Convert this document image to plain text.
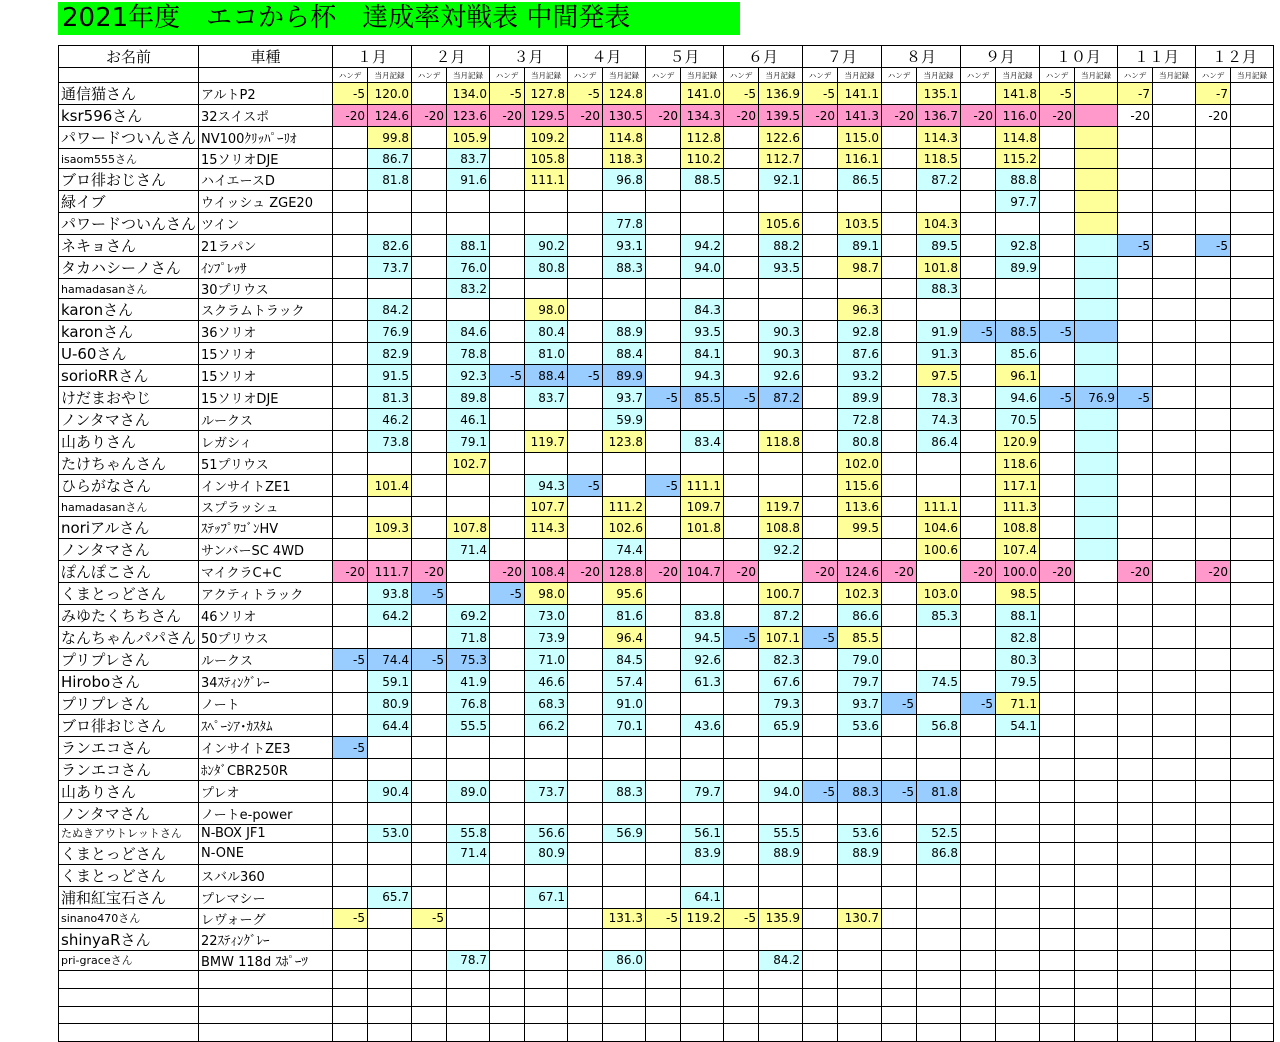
2021年度　エコから杯　達成率対戦表 中間発表
お名前	車種	１月		２月		３月		４月		５月		６月		７月		８月		９月		１０月		１１月		１２月	
		ハンデ	当月記録	ハンデ	当月記録	ハンデ	当月記録	ハンデ	当月記録	ハンデ	当月記録	ハンデ	当月記録	ハンデ	当月記録	ハンデ	当月記録	ハンデ	当月記録	ハンデ	当月記録	ハンデ	当月記録	ハンデ	当月記録
通信猫さん	アルトP2	-5	120.0		134.0	-5	127.8	-5	124.8		141.0	-5	136.9	-5	141.1		135.1		141.8	-5		-7		-7	
ksr596さん	32スイスポ	-20	124.6	-20	123.6	-20	129.5	-20	130.5	-20	134.3	-20	139.5	-20	141.3	-20	136.7	-20	116.0	-20		-20		-20	
パワードついんさん	NV100ｸﾘｯﾊﾟｰﾘｵ		99.8		105.9		109.2		114.8		112.8		122.6		115.0		114.3		114.8						
isaom555さん	15ソリオDJE		86.7		83.7		105.8		118.3		110.2		112.7		116.1		118.5		115.2						
ブロ徘おじさん	ハイエースD		81.8		91.6		111.1		96.8		88.5		92.1		86.5		87.2		88.8						
緑イブ	ウイッシュ ZGE20																		97.7						
パワードついんさん	ツイン								77.8				105.6		103.5		104.3								
ネキョさん	21ラパン		82.6		88.1		90.2		93.1		94.2		88.2		89.1		89.5		92.8			-5		-5	
タカハシーノさん	ｲﾝﾌﾟﾚｯｻ		73.7		76.0		80.8		88.3		94.0		93.5		98.7		101.8		89.9						
hamadasanさん	30プリウス				83.2												88.3								
karonさん	スクラムトラック		84.2				98.0				84.3				96.3										
karonさん	36ソリオ		76.9		84.6		80.4		88.9		93.5		90.3		92.8		91.9	-5	88.5	-5					
U-60さん	15ソリオ		82.9		78.8		81.0		88.4		84.1		90.3		87.6		91.3		85.6						
sorioRRさん	15ソリオ		91.5		92.3	-5	88.4	-5	89.9		94.3		92.6		93.2		97.5		96.1						
けだまおやじ	15ソリオDJE		81.3		89.8		83.7		93.7	-5	85.5	-5	87.2		89.9		78.3		94.6	-5	76.9	-5			
ノンタマさん	ルークス		46.2		46.1				59.9						72.8		74.3		70.5						
山ありさん	レガシィ		73.8		79.1		119.7		123.8		83.4		118.8		80.8		86.4		120.9						
たけちゃんさん	51プリウス				102.7										102.0				118.6						
ひらがなさん	インサイトZE1		101.4				94.3	-5		-5	111.1				115.6				117.1						
hamadasanさん	スプラッシュ						107.7		111.2		109.7		119.7		113.6		111.1		111.3						
noriアルさん	ｽﾃｯﾌﾟﾜｺﾞﾝHV		109.3		107.8		114.3		102.6		101.8		108.8		99.5		104.6		108.8						
ノンタマさん	サンバーSC 4WD				71.4				74.4				92.2				100.6		107.4						
ぽんぽこさん	マイクラC+C	-20	111.7	-20		-20	108.4	-20	128.8	-20	104.7	-20		-20	124.6	-20		-20	100.0	-20		-20		-20	
くまとっどさん	アクティトラック		93.8	-5		-5	98.0		95.6				100.7		102.3		103.0		98.5						
みゆたくちちさん	46ソリオ		64.2		69.2		73.0		81.6		83.8		87.2		86.6		85.3		88.1						
なんちゃんパパさん	50プリウス				71.8		73.9		96.4		94.5	-5	107.1	-5	85.5				82.8						
プリプレさん	ルークス	-5	74.4	-5	75.3		71.0		84.5		92.6		82.3		79.0				80.3						
Hiroboさん	34ｽﾃｨﾝｸﾞﾚｰ		59.1		41.9		46.6		57.4		61.3		67.6		79.7		74.5		79.5						
プリプレさん	ノート		80.9		76.8		68.3		91.0				79.3		93.7	-5		-5	71.1						
ブロ徘おじさん	ｽﾍﾟｰｼｱ･ｶｽﾀﾑ		64.4		55.5		66.2		70.1		43.6		65.9		53.6		56.8		54.1						
ランエコさん	インサイトZE3	-5																							
ランエコさん	ﾎﾝﾀﾞCBR250R																								
山ありさん	プレオ		90.4		89.0		73.7		88.3		79.7		94.0	-5	88.3	-5	81.8								
ノンタマさん	ノートe-power																								
たぬきアウトレットさん	N-BOX JF1		53.0		55.8		56.6		56.9		56.1		55.5		53.6		52.5								
くまとっどさん	N-ONE				71.4		80.9				83.9		88.9		88.9		86.8								
くまとっどさん	スバル360																								
浦和紅宝石さん	プレマシー		65.7				67.1				64.1														
sinano470さん	レヴォーグ	-5		-5					131.3	-5	119.2	-5	135.9		130.7										
shinyaRさん	22ｽﾃｨﾝｸﾞﾚｰ																								
pri-graceさん	BMW 118d ｽﾎﾟｰﾂ				78.7				86.0				84.2												
